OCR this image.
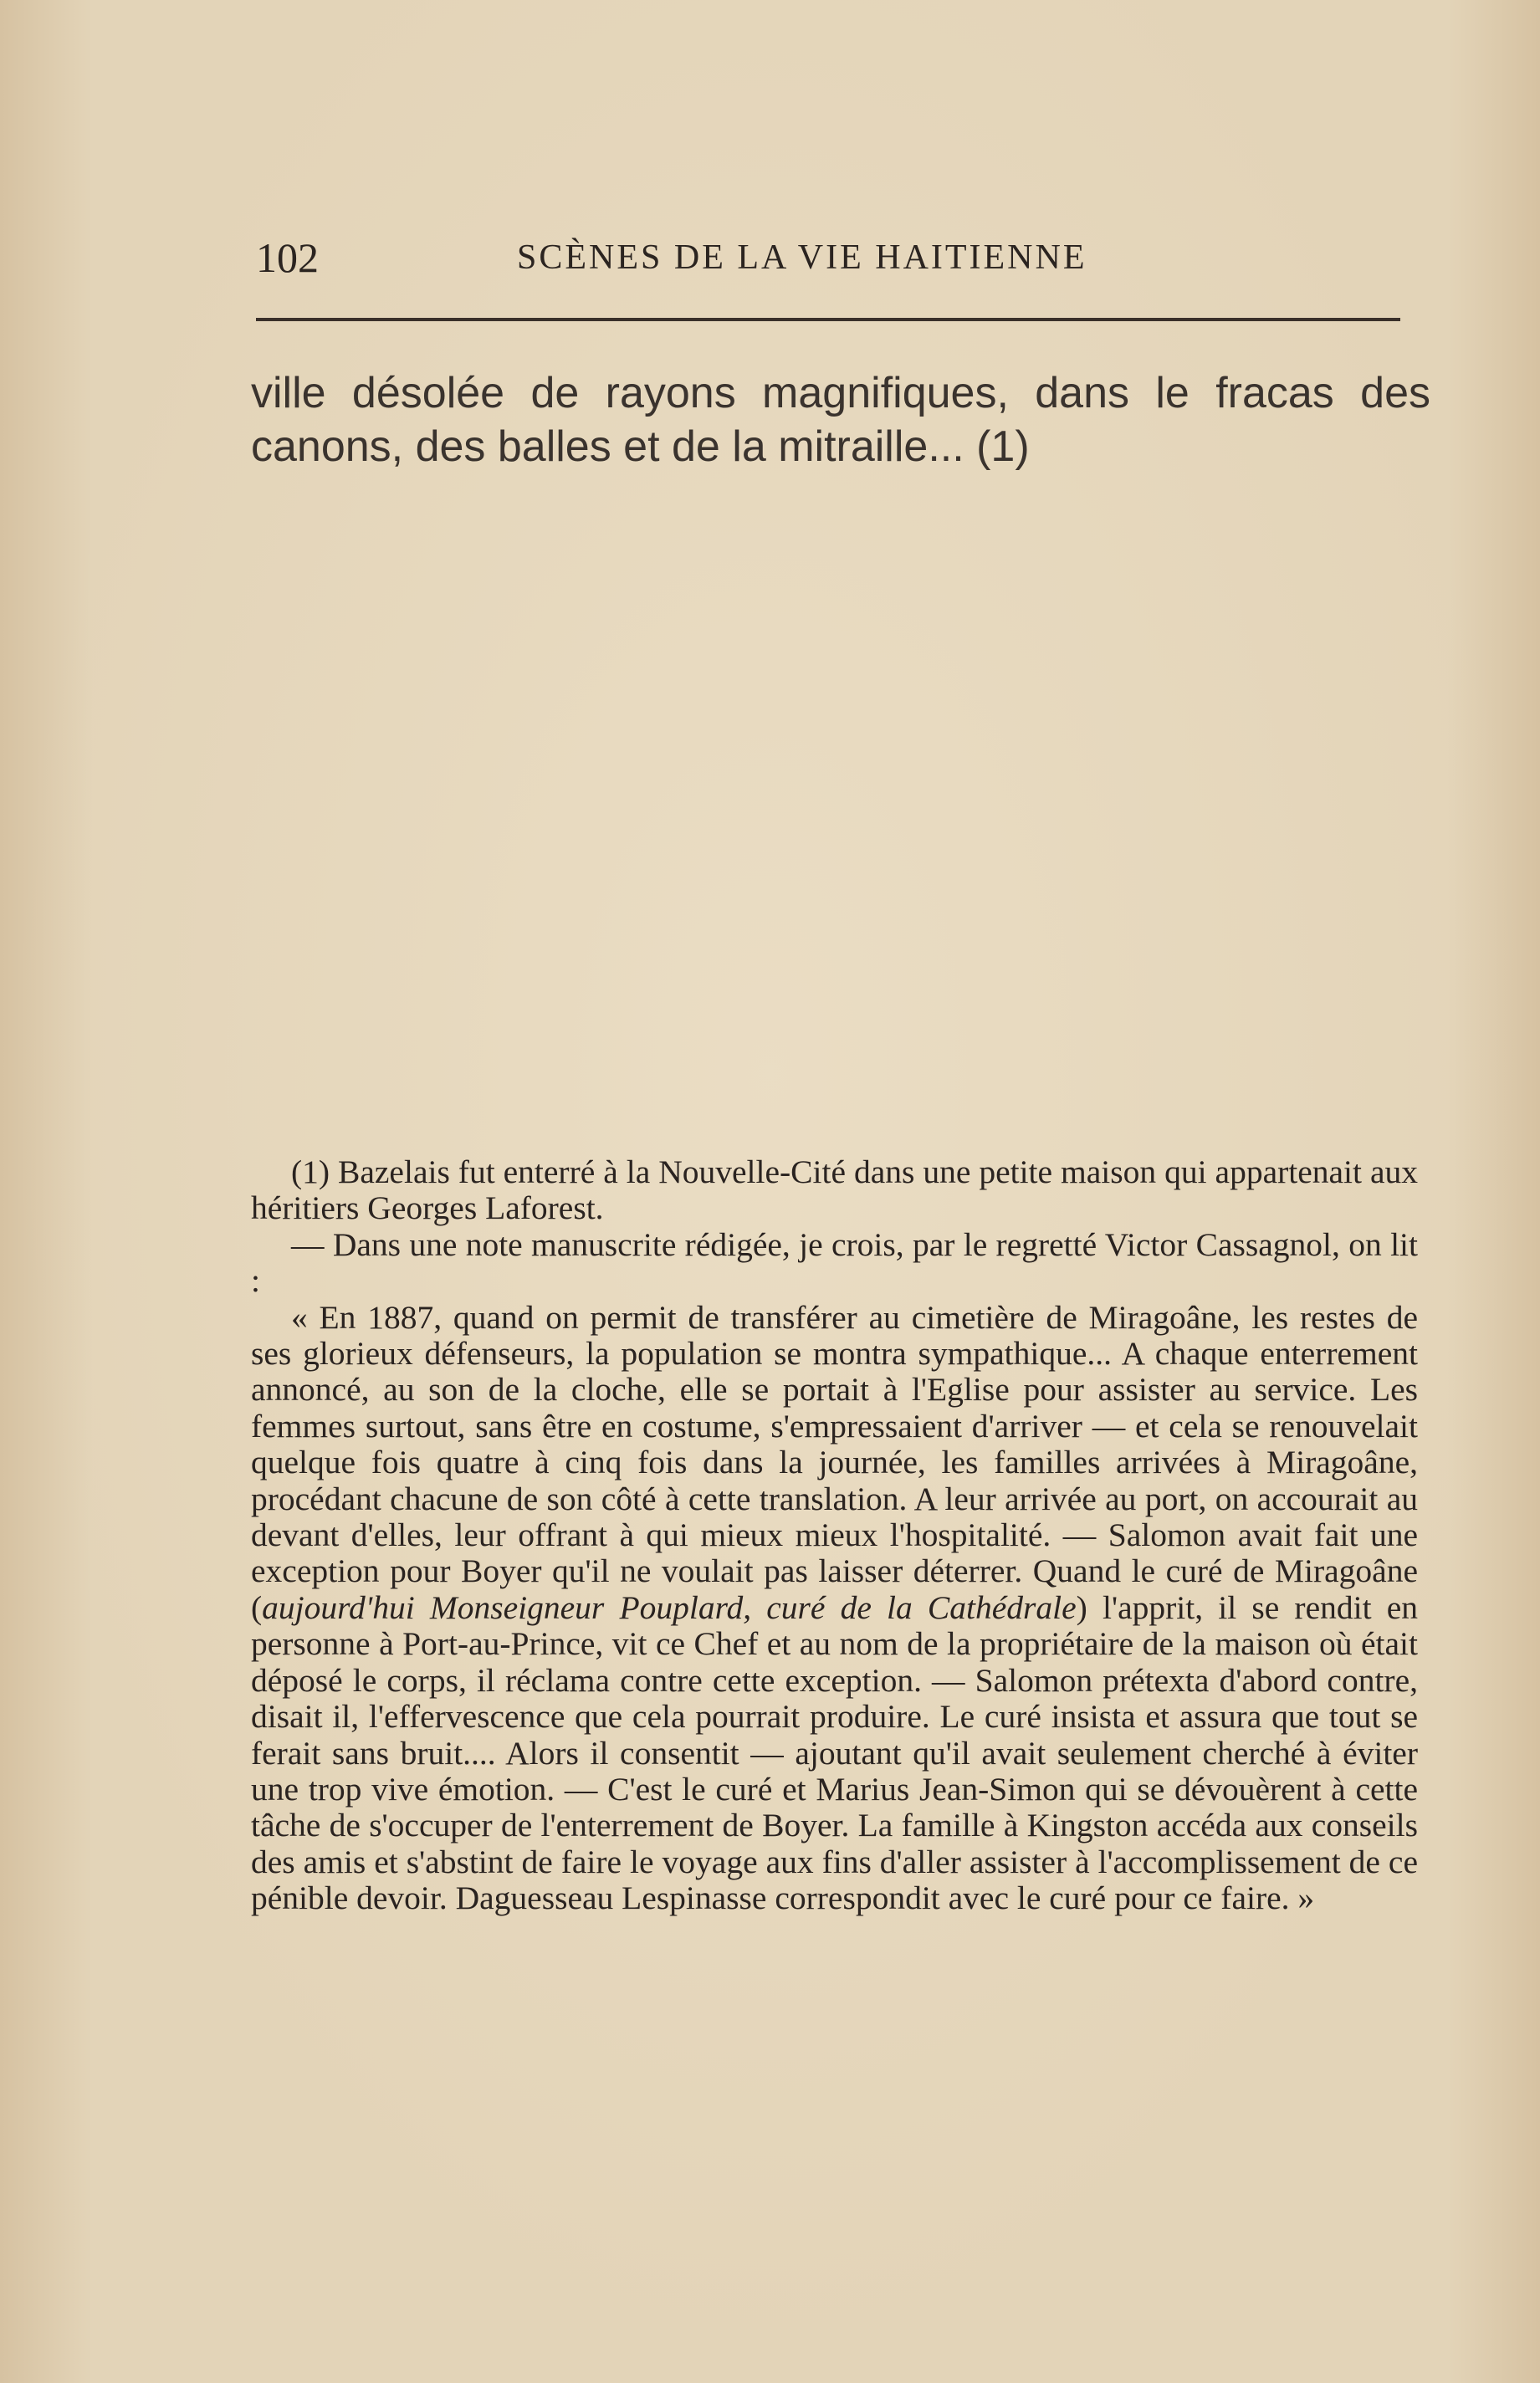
102	SCÈNES DE LA VIE HAITIENNE

ville désolée de rayons magnifiques, dans le fracas des canons, des balles et de la mitraille... (1)

(1) Bazelais fut enterré à la Nouvelle-Cité dans une petite maison qui appartenait aux héritiers Georges Laforest.

— Dans une note manuscrite rédigée, je crois, par le regretté Victor Cassagnol, on lit :

« En 1887, quand on permit de transférer au cimetière de Miragoâne, les restes de ses glorieux défenseurs, la population se montra sympathique... A chaque enterrement annoncé, au son de la cloche, elle se portait à l'Eglise pour assister au service. Les femmes surtout, sans être en costume, s'empressaient d'arriver — et cela se renouvelait quelque fois quatre à cinq fois dans la journée, les familles arrivées à Miragoâne, procédant chacune de son côté à cette translation. A leur arrivée au port, on accourait au devant d'elles, leur offrant à qui mieux mieux l'hospitalité. — Salomon avait fait une exception pour Boyer qu'il ne voulait pas laisser déterrer. Quand le curé de Miragoâne (aujourd'hui Monseigneur Pouplard, curé de la Cathédrale) l'apprit, il se rendit en personne à Port-au-Prince, vit ce Chef et au nom de la propriétaire de la maison où était déposé le corps, il réclama contre cette exception. — Salomon prétexta d'abord contre, disait il, l'effervescence que cela pourrait produire. Le curé insista et assura que tout se ferait sans bruit.... Alors il consentit — ajoutant qu'il avait seulement cherché à éviter une trop vive émotion. — C'est le curé et Marius Jean-Simon qui se dévouèrent à cette tâche de s'occuper de l'enterrement de Boyer. La famille à Kingston accéda aux conseils des amis et s'abstint de faire le voyage aux fins d'aller assister à l'accomplissement de ce pénible devoir. Daguesseau Lespinasse correspondit avec le curé pour ce faire. »
